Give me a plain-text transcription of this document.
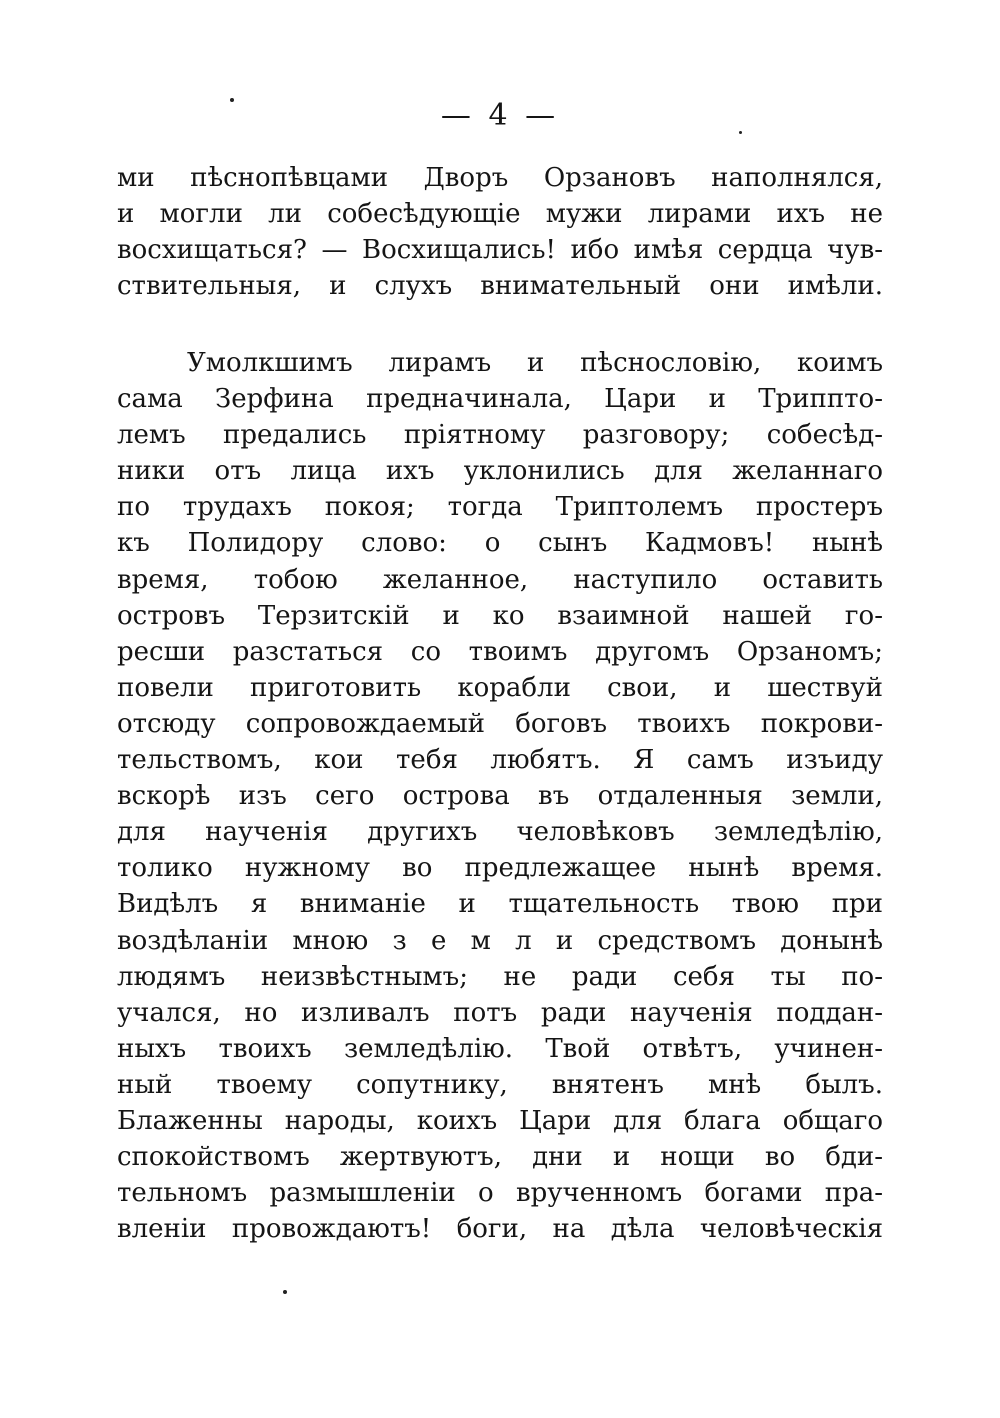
— 4 —
ми пѣснопѣвцами Дворъ Орзановъ наполнялся,
и могли ли собесѣдующіе мужи лирами ихъ не
восхищаться? — Восхищались! ибо имѣя сердца чув-
ствительныя, и слухъ внимательный они имѣли.
Умолкшимъ лирамъ и пѣснословію, коимъ
сама Зерфина предначинала, Цари и Триппто-
лемъ предались пріятному разговору; собесѣд-
ники отъ лица ихъ уклонились для желаннаго
по трудахъ покоя; тогда Триптолемъ простеръ
къ Полидору слово: о сынъ Кадмовъ! нынѣ
время, тобою желанное, наступило оставить
островъ Терзитскій и ко взаимной нашей го-
ресши разстаться со твоимъ другомъ Орзаномъ;
повели приготовить корабли свои, и шествуй
отсюду сопровождаемый боговъ твоихъ покрови-
тельствомъ, кои тебя любятъ. Я самъ изъиду
вскорѣ изъ сего острова въ отдаленныя земли,
для наученія другихъ человѣковъ земледѣлію,
толико нужному во предлежащее нынѣ время.
Видѣлъ я вниманіе и тщательность твою при
воздѣланіи мною з е м л и средствомъ донынѣ
людямъ неизвѣстнымъ; не ради себя ты по-
учался, но изливалъ потъ ради наученія поддан-
ныхъ твоихъ земледѣлію. Твой отвѣтъ, учинен-
ный твоему сопутнику, внятенъ мнѣ былъ.
Блаженны народы, коихъ Цари для блага общаго
спокойствомъ жертвуютъ, дни и нощи во бди-
тельномъ размышленіи о врученномъ богами пра-
вленіи провождаютъ! боги, на дѣла человѣческія
